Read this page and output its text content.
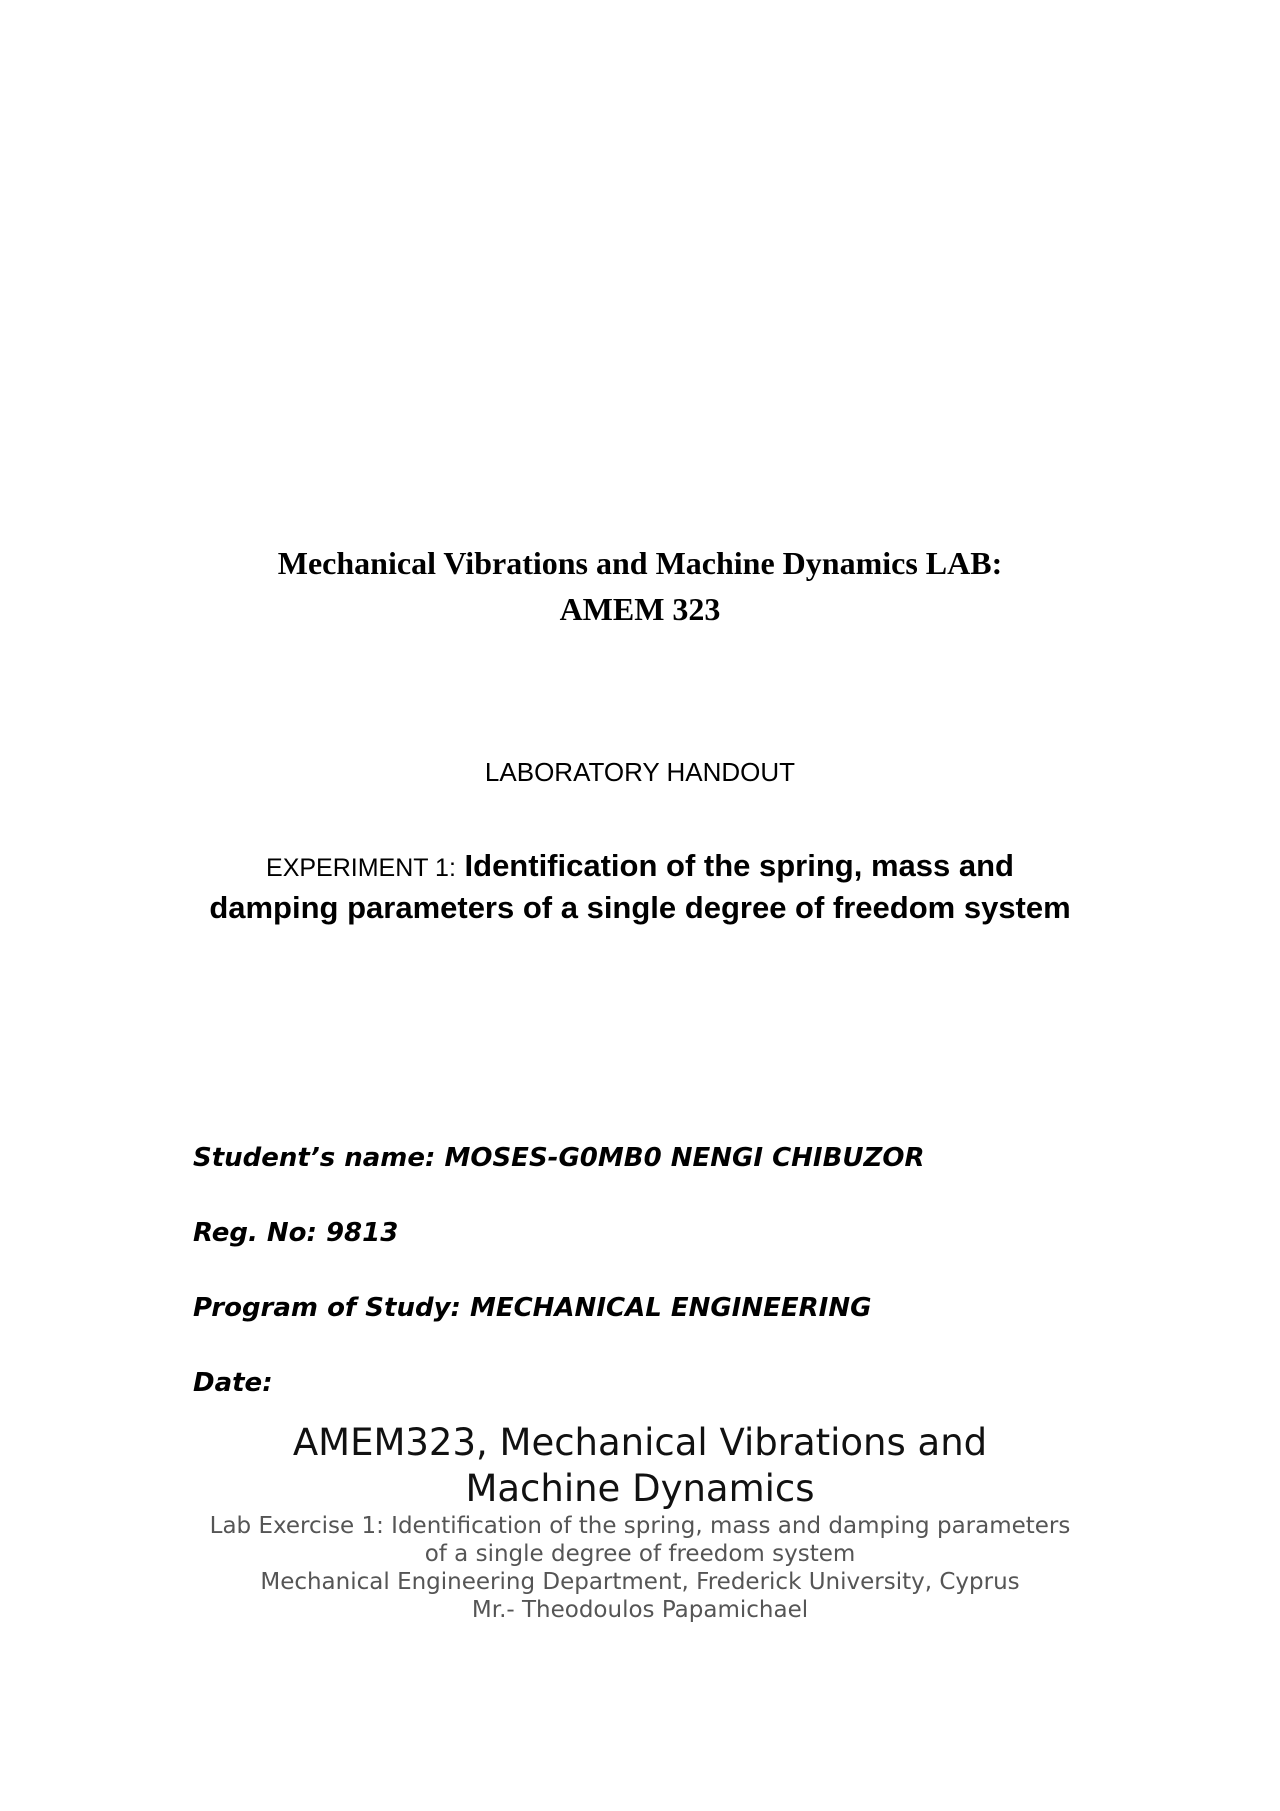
Mechanical Vibrations and Machine Dynamics LAB:
AMEM 323
LABORATORY HANDOUT
EXPERIMENT 1: Identification of the spring, mass and damping parameters of a single degree of freedom system
Student’s name: MOSES-G0MB0 NENGI CHIBUZOR
Reg. No: 9813
Program of Study: MECHANICAL ENGINEERING
Date:
AMEM323, Mechanical Vibrations and
Machine Dynamics
Lab Exercise 1: Identification of the spring, mass and damping parameters
of a single degree of freedom system
Mechanical Engineering Department, Frederick University, Cyprus
Mr.- Theodoulos Papamichael
